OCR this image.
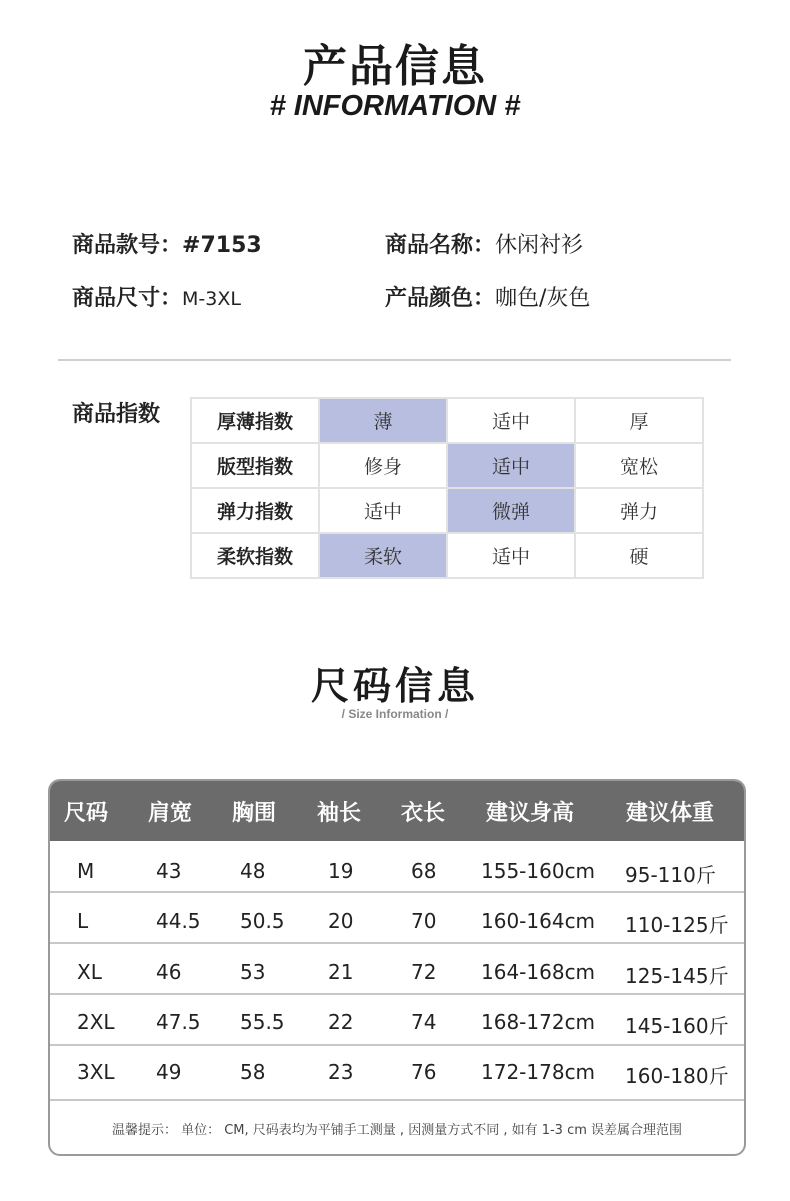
产品信息
# INFORMATION #
商品款号：#7153	商品名称：休闲衬衫
商品尺寸：M-3XL	产品颜色：咖色/灰色
商品指数	厚薄指数	薄	适中	厚
版型指数	修身	适中	宽松
弹力指数	适中	微弹	弹力
柔软指数	柔软	适中	硬
尺码信息
/ Size Information /
尺码 肩宽 胸围 袖长 衣长 建议身高 建议体重
M	43	48	19	68 155-160cm 95-110斤
L	44.5 50.5 20	70 160-164cm 110-125斤
XL	46	53	21	72 164-168cm 125-145斤
2XL 47.5 55.5 22	74 168-172cm 145-160斤
3XL 49	58	23	76 172-178cm 160-180斤
温馨提示： 单位： CM, 尺码表均为平铺手工测量 , 因测量方式不同 , 如有 1-3 cm 误差属合理范围
